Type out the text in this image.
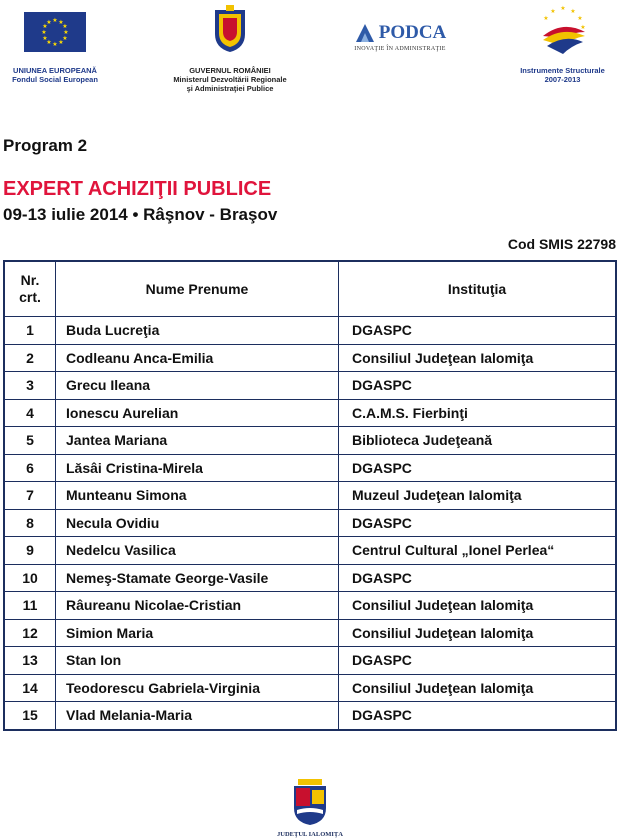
★ ★
★
★
★
★
★
★
★
★
★
★
UNIUNEA EUROPEANĂ
Fondul Social European
GUVERNUL ROMÂNIEI
Ministerul Dezvoltării Regionale
şi Administraţiei Publice
PODCA
INOVAŢIE ÎN ADMINISTRAŢIE
★ ★
★
★
★
★
Instrumente Structurale
2007-2013
Program 2
EXPERT ACHIZIŢII PUBLICE
09-13 iulie 2014 • Râşnov - Braşov
Cod SMIS 22798
Nr.
crt.	Nume Prenume	Instituţia
1	Buda Lucreţia	DGASPC
2	Codleanu Anca-Emilia	Consiliul Judeţean Ialomiţa
3	Grecu Ileana	DGASPC
4	Ionescu Aurelian	C.A.M.S. Fierbinţi
5	Jantea Mariana	Biblioteca Judeţeană
6	Lăsâi Cristina-Mirela	DGASPC
7	Munteanu Simona	Muzeul Judeţean Ialomiţa
8	Necula Ovidiu	DGASPC
9	Nedelcu Vasilica	Centrul Cultural „Ionel Perlea“
10	Nemeş-Stamate George-Vasile	DGASPC
11	Râureanu Nicolae-Cristian	Consiliul Judeţean Ialomiţa
12	Simion Maria	Consiliul Judeţean Ialomiţa
13	Stan Ion	DGASPC
14	Teodorescu Gabriela-Virginia	Consiliul Judeţean Ialomiţa
15	Vlad Melania-Maria	DGASPC
JUDEŢUL IALOMIŢA
